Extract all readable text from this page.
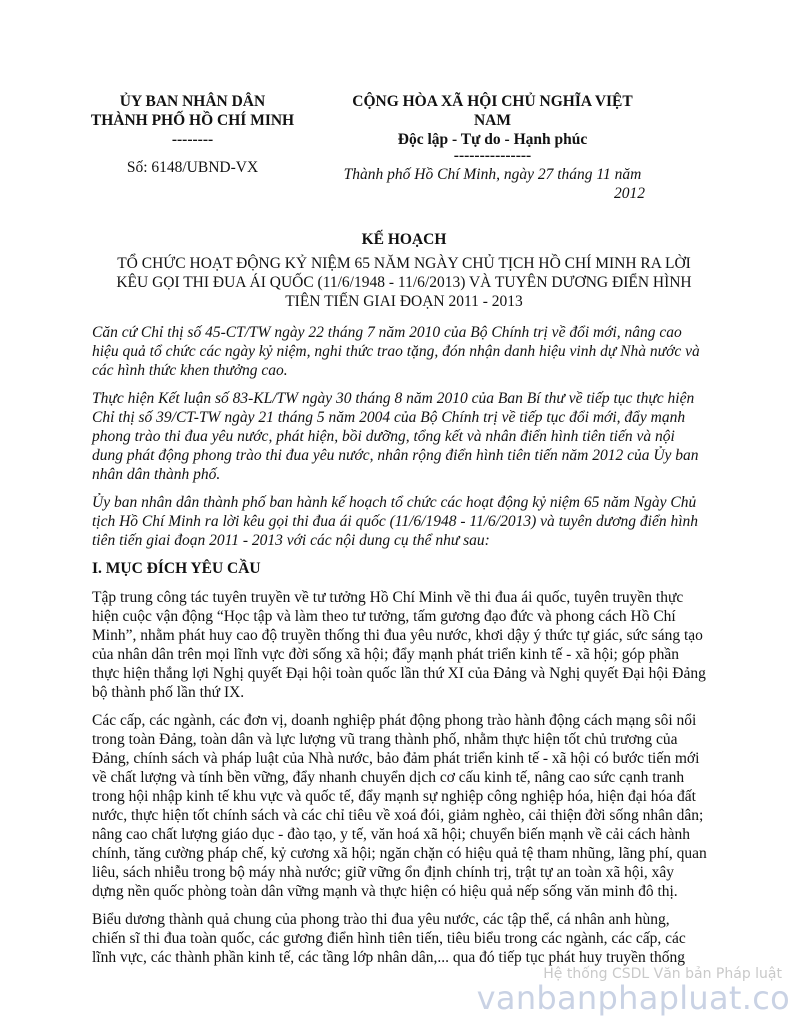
ỦY BAN NHÂN DÂN
THÀNH PHỐ HỒ CHÍ MINH
--------
Số: 6148/UBND-VX
CỘNG HÒA XÃ HỘI CHỦ NGHĨA VIỆT
NAM
Độc lập - Tự do - Hạnh phúc
---------------
Thành phố Hồ Chí Minh, ngày 27 tháng 11 năm
2012
KẾ HOẠCH
TỔ CHỨC HOẠT ĐỘNG KỶ NIỆM 65 NĂM NGÀY CHỦ TỊCH HỒ CHÍ MINH RA LỜI
KÊU GỌI THI ĐUA ÁI QUỐC (11/6/1948 - 11/6/2013) VÀ TUYÊN DƯƠNG ĐIỂN HÌNH
TIÊN TIẾN GIAI ĐOẠN 2011 - 2013

Căn cứ Chỉ thị số 45-CT/TW ngày 22 tháng 7 năm 2010 của Bộ Chính trị về đổi mới, nâng cao hiệu quả tổ chức các ngày kỷ niệm, nghi thức trao tặng, đón nhận danh hiệu vinh dự Nhà nước và các hình thức khen thưởng cao.

Thực hiện Kết luận số 83-KL/TW ngày 30 tháng 8 năm 2010 của Ban Bí thư về tiếp tục thực hiện Chỉ thị số 39/CT-TW ngày 21 tháng 5 năm 2004 của Bộ Chính trị về tiếp tục đổi mới, đẩy mạnh phong trào thi đua yêu nước, phát hiện, bồi dưỡng, tổng kết và nhân điển hình tiên tiến và nội dung phát động phong trào thi đua yêu nước, nhân rộng điển hình tiên tiến năm 2012 của Ủy ban nhân dân thành phố.

Ủy ban nhân dân thành phố ban hành kế hoạch tổ chức các hoạt động kỷ niệm 65 năm Ngày Chủ tịch Hồ Chí Minh ra lời kêu gọi thi đua ái quốc (11/6/1948 - 11/6/2013) và tuyên dương điển hình tiên tiến giai đoạn 2011 - 2013 với các nội dung cụ thể như sau:

I. MỤC ĐÍCH YÊU CẦU

Tập trung công tác tuyên truyền về tư tưởng Hồ Chí Minh về thi đua ái quốc, tuyên truyền thực hiện cuộc vận động “Học tập và làm theo tư tưởng, tấm gương đạo đức và phong cách Hồ Chí Minh”, nhằm phát huy cao độ truyền thống thi đua yêu nước, khơi dậy ý thức tự giác, sức sáng tạo của nhân dân trên mọi lĩnh vực đời sống xã hội; đẩy mạnh phát triển kinh tế - xã hội; góp phần thực hiện thắng lợi Nghị quyết Đại hội toàn quốc lần thứ XI của Đảng và Nghị quyết Đại hội Đảng bộ thành phố lần thứ IX.

Các cấp, các ngành, các đơn vị, doanh nghiệp phát động phong trào hành động cách mạng sôi nổi trong toàn Đảng, toàn dân và lực lượng vũ trang thành phố, nhằm thực hiện tốt chủ trương của Đảng, chính sách và pháp luật của Nhà nước, bảo đảm phát triển kinh tế - xã hội có bước tiến mới về chất lượng và tính bền vững, đẩy nhanh chuyển dịch cơ cấu kinh tế, nâng cao sức cạnh tranh trong hội nhập kinh tế khu vực và quốc tế, đẩy mạnh sự nghiệp công nghiệp hóa, hiện đại hóa đất nước, thực hiện tốt chính sách và các chỉ tiêu về xoá đói, giảm nghèo, cải thiện đời sống nhân dân; nâng cao chất lượng giáo dục - đào tạo, y tế, văn hoá xã hội; chuyển biến mạnh về cải cách hành chính, tăng cường pháp chế, kỷ cương xã hội; ngăn chặn có hiệu quả tệ tham nhũng, lãng phí, quan liêu, sách nhiễu trong bộ máy nhà nước; giữ vững ổn định chính trị, trật tự an toàn xã hội, xây dựng nền quốc phòng toàn dân vững mạnh và thực hiện có hiệu quả nếp sống văn minh đô thị.

Biểu dương thành quả chung của phong trào thi đua yêu nước, các tập thể, cá nhân anh hùng, chiến sĩ thi đua toàn quốc, các gương điển hình tiên tiến, tiêu biểu trong các ngành, các cấp, các lĩnh vực, các thành phần kinh tế, các tầng lớp nhân dân,... qua đó tiếp tục phát huy truyền thống

Hệ thống CSDL Văn bản Pháp luật
vanbanphapluat.co
